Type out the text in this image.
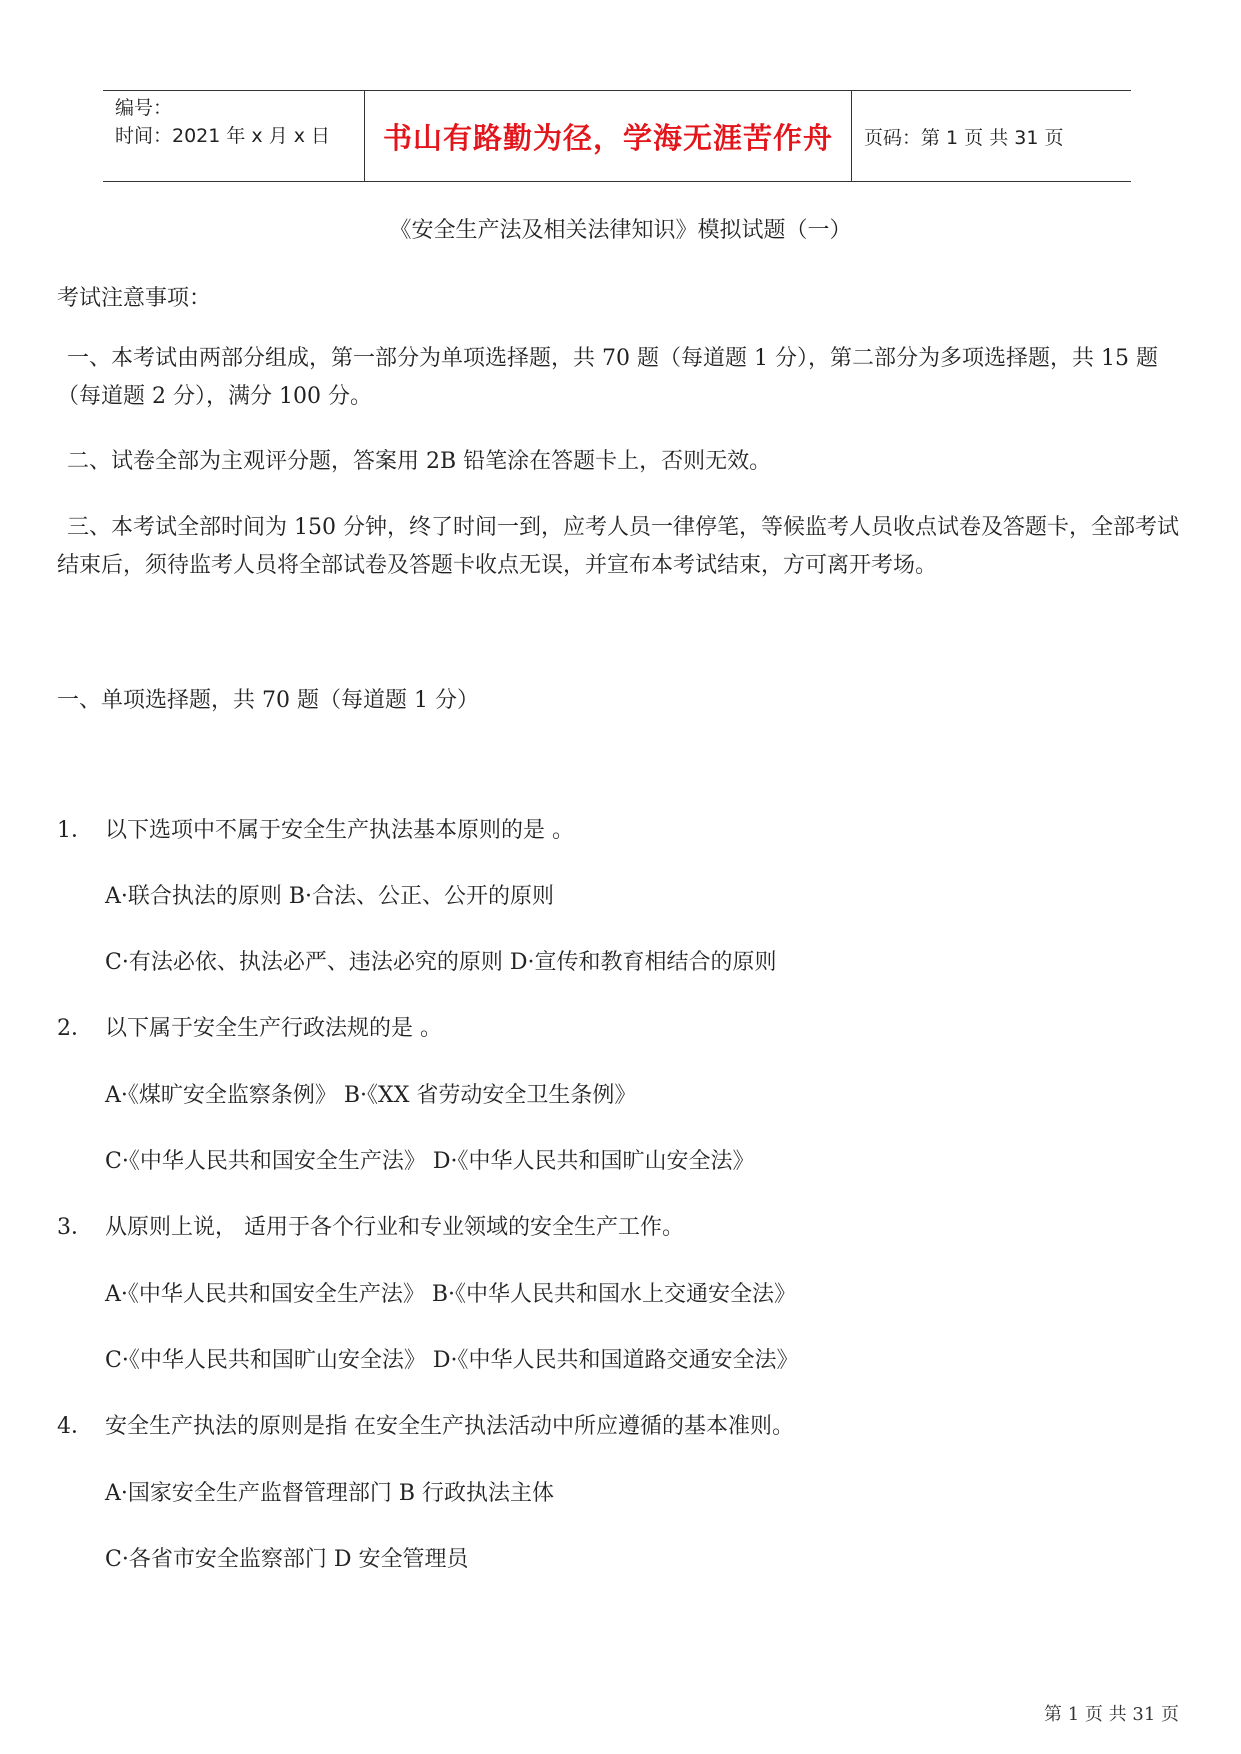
编号：
时间：2021 年 x 月 x 日 书山有路勤为径，学海无涯苦作舟 页码：第 1 页 共 31 页
《安全生产法及相关法律知识》模拟试题（一）
考试注意事项：
一、本考试由两部分组成，第一部分为单项选择题，共 70 题（每道题 1 分），第二部分为多项选择题，共 15 题（每道题 2 分），满分 100 分。
二、试卷全部为主观评分题，答案用 2B 铅笔涂在答题卡上，否则无效。
三、本考试全部时间为 150 分钟，终了时间一到，应考人员一律停笔，等候监考人员收点试卷及答题卡，全部考试结束后，须待监考人员将全部试卷及答题卡收点无误，并宣布本考试结束，方可离开考场。
一、单项选择题，共 70 题（每道题 1 分）
1． 以下选项中不属于安全生产执法基本原则的是 。
A·联合执法的原则 B·合法、公正、公开的原则
C·有法必依、执法必严、违法必究的原则 D·宣传和教育相结合的原则
2． 以下属于安全生产行政法规的是 。
A·《煤旷安全监察条例》 B·《XX 省劳动安全卫生条例》
C·《中华人民共和国安全生产法》 D·《中华人民共和国旷山安全法》
3． 从原则上说， 适用于各个行业和专业领域的安全生产工作。
A·《中华人民共和国安全生产法》 B·《中华人民共和国水上交通安全法》
C·《中华人民共和国旷山安全法》 D·《中华人民共和国道路交通安全法》
4． 安全生产执法的原则是指 在安全生产执法活动中所应遵循的基本准则。
A·国家安全生产监督管理部门 B 行政执法主体
C·各省市安全监察部门 D 安全管理员
第 1 页 共 31 页
